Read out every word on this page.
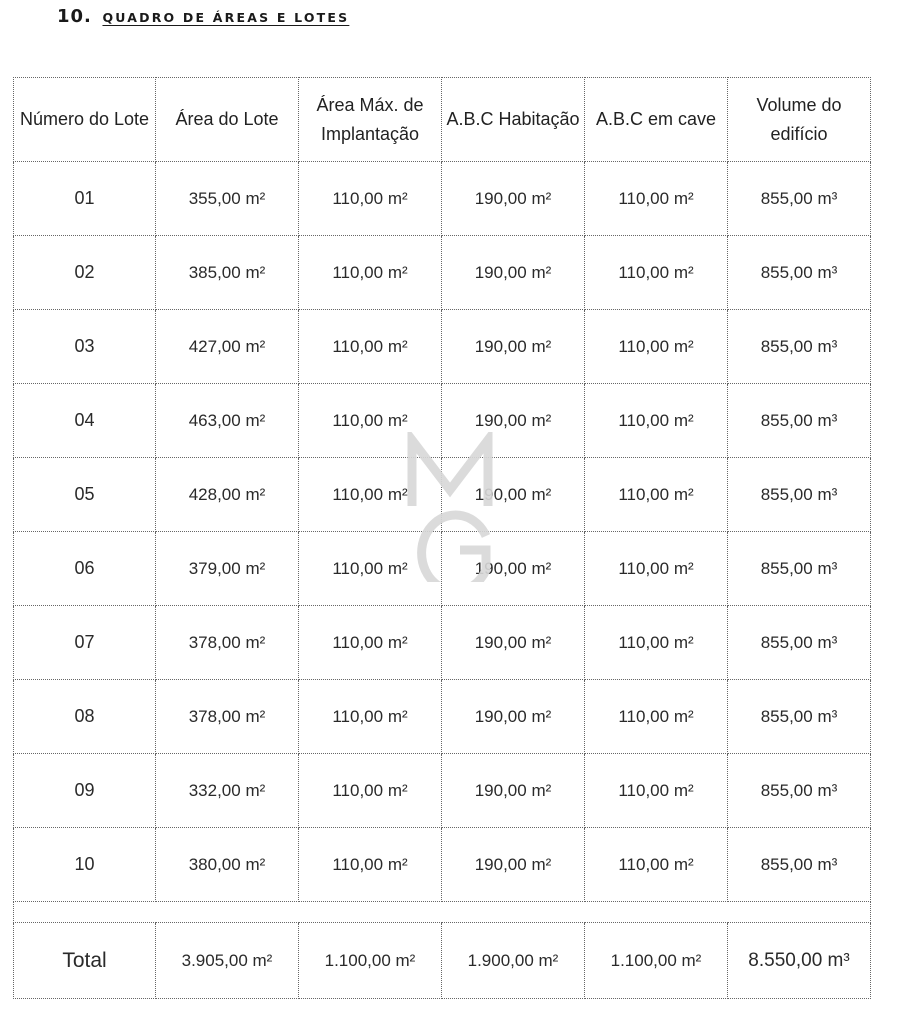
10. QUADRO DE ÁREAS E LOTES
Número do Lote	Área do Lote	Área Máx. de Implantação	A.B.C Habitação	A.B.C em cave	Volume do edifício
01	355,00 m²	110,00 m²	190,00 m²	110,00 m²	855,00 m³
02	385,00 m²	110,00 m²	190,00 m²	110,00 m²	855,00 m³
03	427,00 m²	110,00 m²	190,00 m²	110,00 m²	855,00 m³
04	463,00 m²	110,00 m²	190,00 m²	110,00 m²	855,00 m³
05	428,00 m²	110,00 m²	190,00 m²	110,00 m²	855,00 m³
06	379,00 m²	110,00 m²	190,00 m²	110,00 m²	855,00 m³
07	378,00 m²	110,00 m²	190,00 m²	110,00 m²	855,00 m³
08	378,00 m²	110,00 m²	190,00 m²	110,00 m²	855,00 m³
09	332,00 m²	110,00 m²	190,00 m²	110,00 m²	855,00 m³
10	380,00 m²	110,00 m²	190,00 m²	110,00 m²	855,00 m³

Total	3.905,00 m²	1.100,00 m²	1.900,00 m²	1.100,00 m²	8.550,00 m³
